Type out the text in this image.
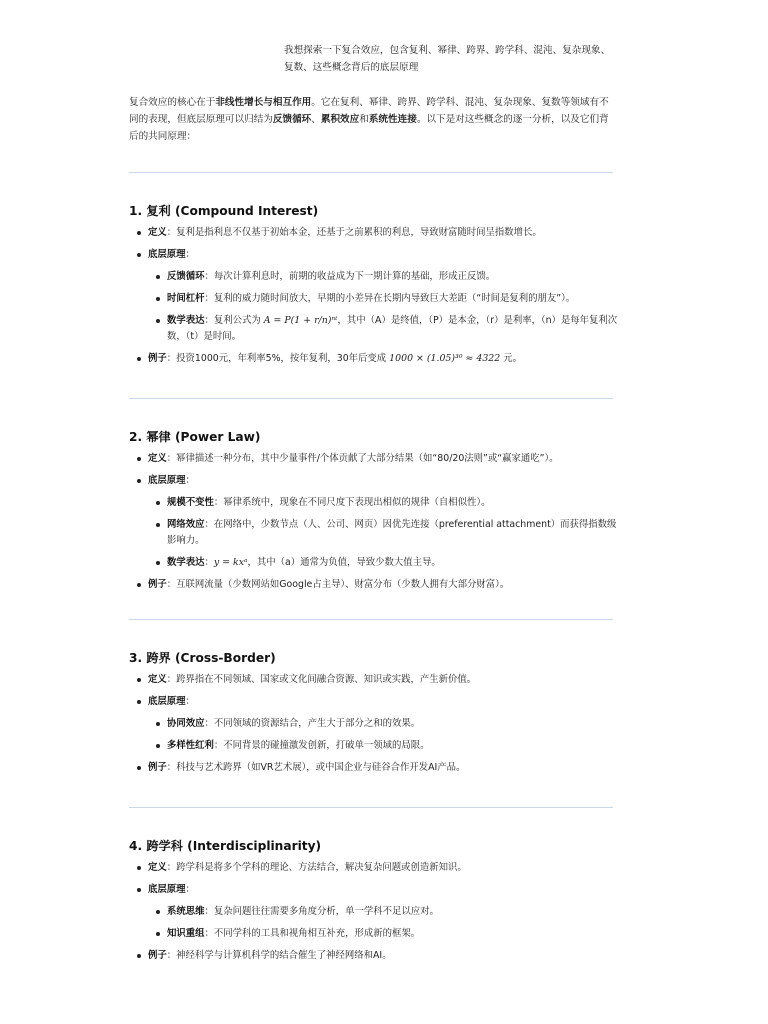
我想探索一下复合效应，包含复利、幂律、跨界、跨学科、混沌、复杂现象、复数、这些概念背后的底层原理
复合效应的核心在于非线性增长与相互作用。它在复利、幂律、跨界、跨学科、混沌、复杂现象、复数等领域有不同的表现，但底层原理可以归结为反馈循环、累积效应和系统性连接。以下是对这些概念的逐一分析，以及它们背后的共同原理：
1. 复利 (Compound Interest)
定义：复利是指利息不仅基于初始本金，还基于之前累积的利息，导致财富随时间呈指数增长。
底层原理：
反馈循环：每次计算利息时，前期的收益成为下一期计算的基础，形成正反馈。
时间杠杆：复利的威力随时间放大，早期的小差异在长期内导致巨大差距（“时间是复利的朋友”）。
数学表达：复利公式为 A = P(1 + r/n)ⁿᵗ，其中（A）是终值，（P）是本金，（r）是利率，（n）是每年复利次数，（t）是时间。
例子：投资1000元，年利率5%，按年复利，30年后变成 1000 × (1.05)³⁰ ≈ 4322 元。
2. 幂律 (Power Law)
定义：幂律描述一种分布，其中少量事件/个体贡献了大部分结果（如“80/20法则”或“赢家通吃”）。
底层原理：
规模不变性：幂律系统中，现象在不同尺度下表现出相似的规律（自相似性）。
网络效应：在网络中，少数节点（人、公司、网页）因优先连接（preferential attachment）而获得指数级影响力。
数学表达：y = kxᵃ，其中（a）通常为负值，导致少数大值主导。
例子：互联网流量（少数网站如Google占主导）、财富分布（少数人拥有大部分财富）。
3. 跨界 (Cross-Border)
定义：跨界指在不同领域、国家或文化间融合资源、知识或实践，产生新价值。
底层原理：
协同效应：不同领域的资源结合，产生大于部分之和的效果。
多样性红利：不同背景的碰撞激发创新，打破单一领域的局限。
例子：科技与艺术跨界（如VR艺术展），或中国企业与硅谷合作开发AI产品。
4. 跨学科 (Interdisciplinarity)
定义：跨学科是将多个学科的理论、方法结合，解决复杂问题或创造新知识。
底层原理：
系统思维：复杂问题往往需要多角度分析，单一学科不足以应对。
知识重组：不同学科的工具和视角相互补充，形成新的框架。
例子：神经科学与计算机科学的结合催生了神经网络和AI。
